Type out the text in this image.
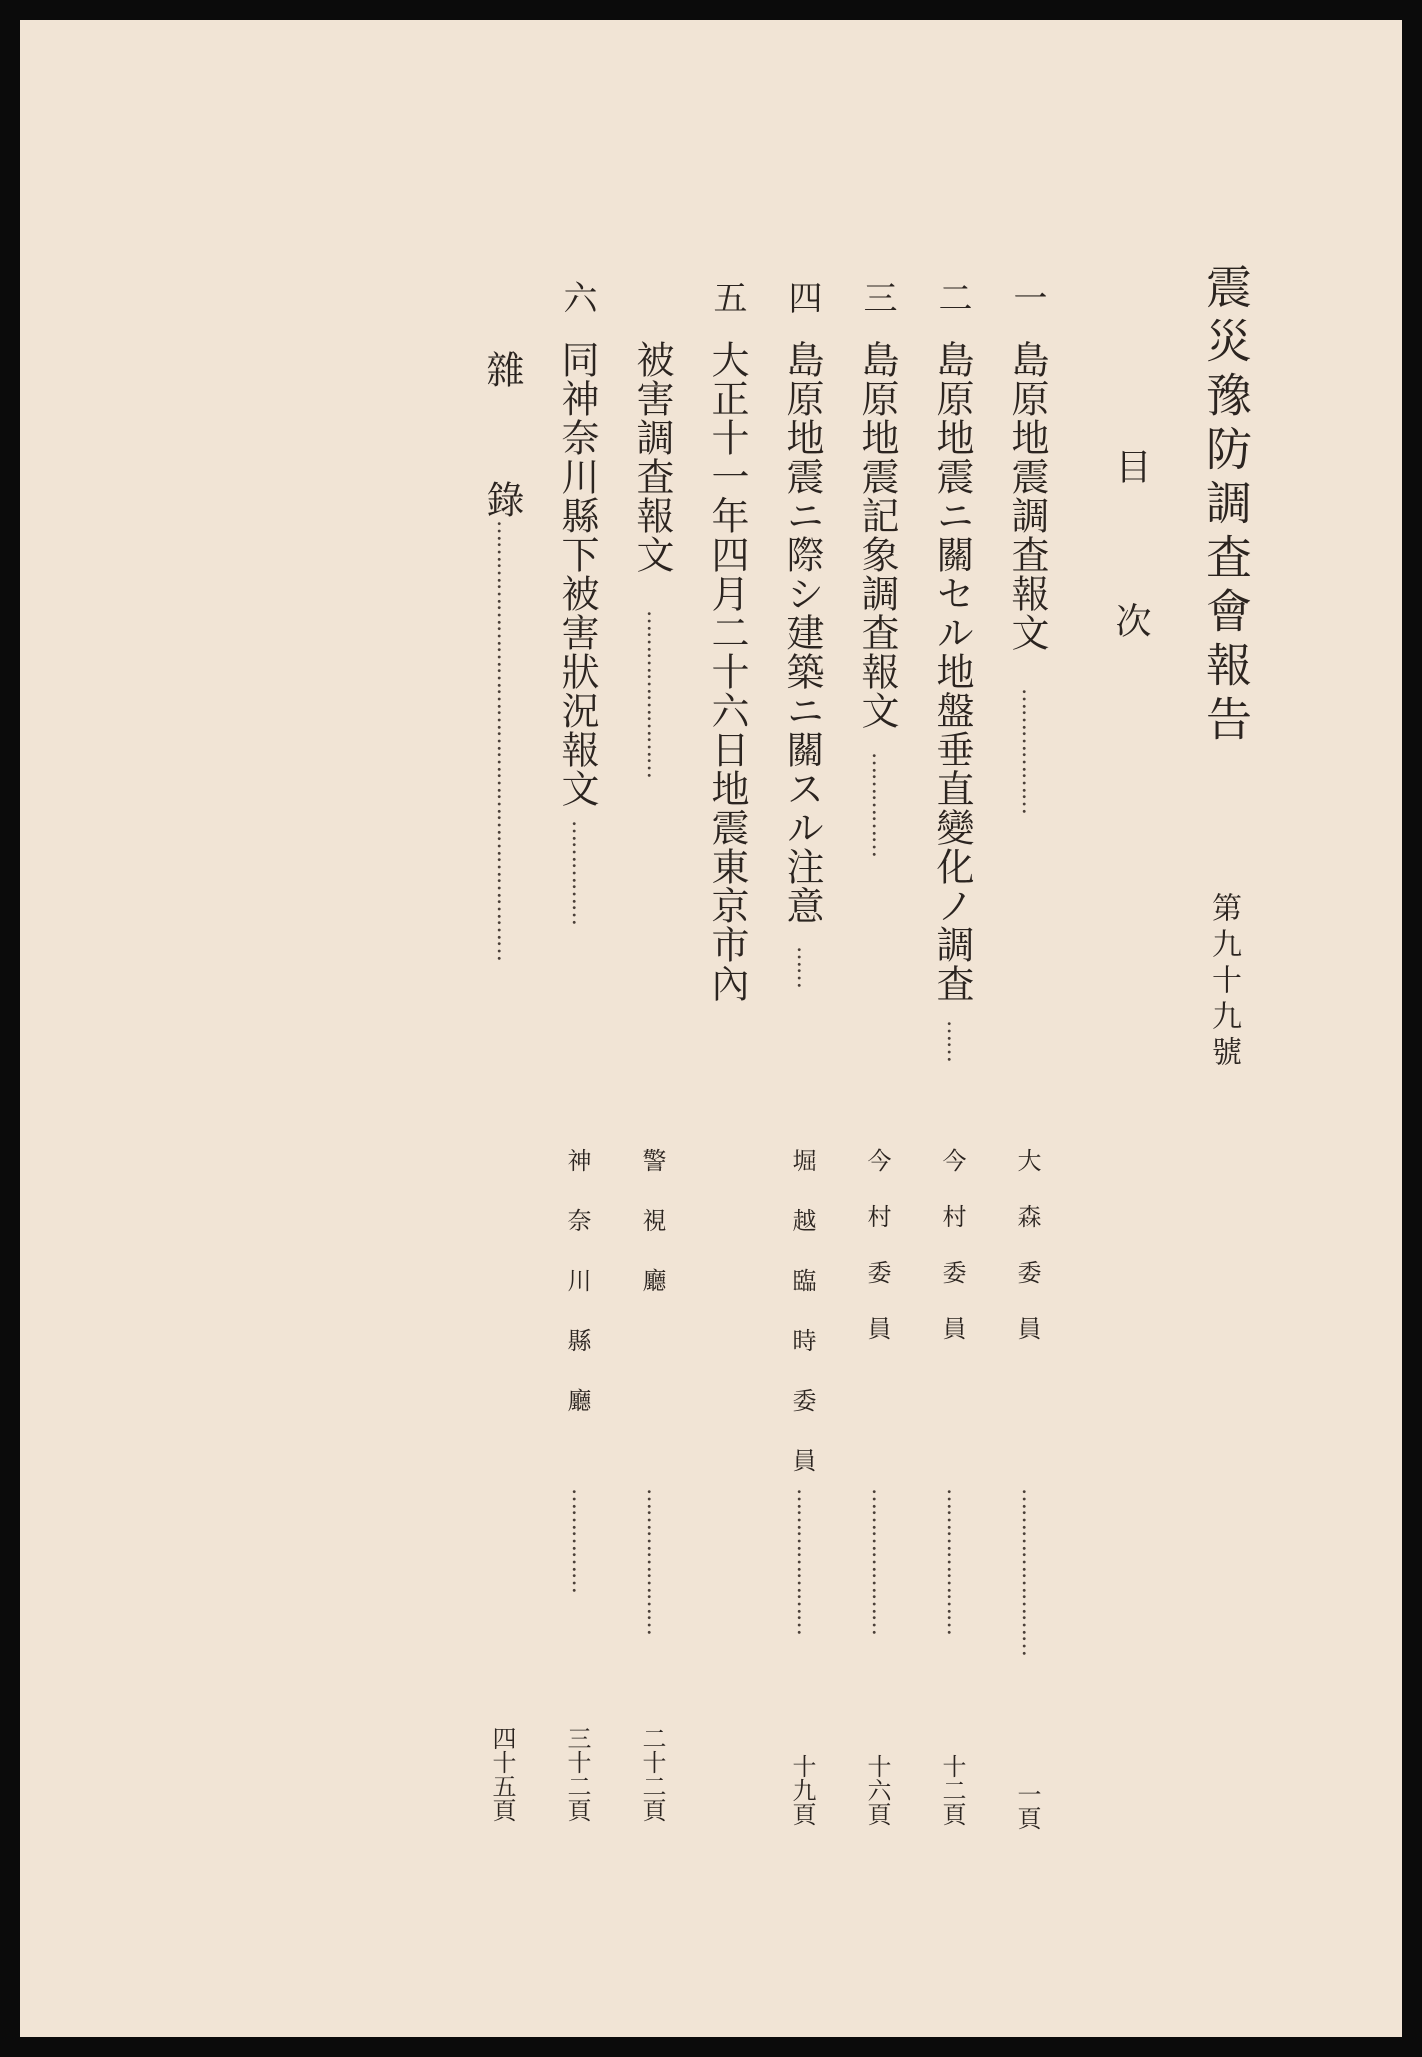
震災豫防調査會報告
第九十九號
目次
一
島原地震調査報文
………………
大森委員
……………………
一頁
二
島原地震ニ關セル地盤垂直變化ノ調査
……
今村委員
…………………
十二頁
三
島原地震記象調査報文
……………
今村委員
…………………
十六頁
四
島原地震ニ際シ建築ニ關スル注意
……
堀越臨時委員
…………………
十九頁
五
大正十一年四月二十六日地震東京市內
被害調査報文
……………………
警視廳
…………………
二十二頁
六
同神奈川縣下被害狀況報文
……………
神奈川縣廳
……………
三十二頁
雜 錄
………………………………………………………
四十五頁
